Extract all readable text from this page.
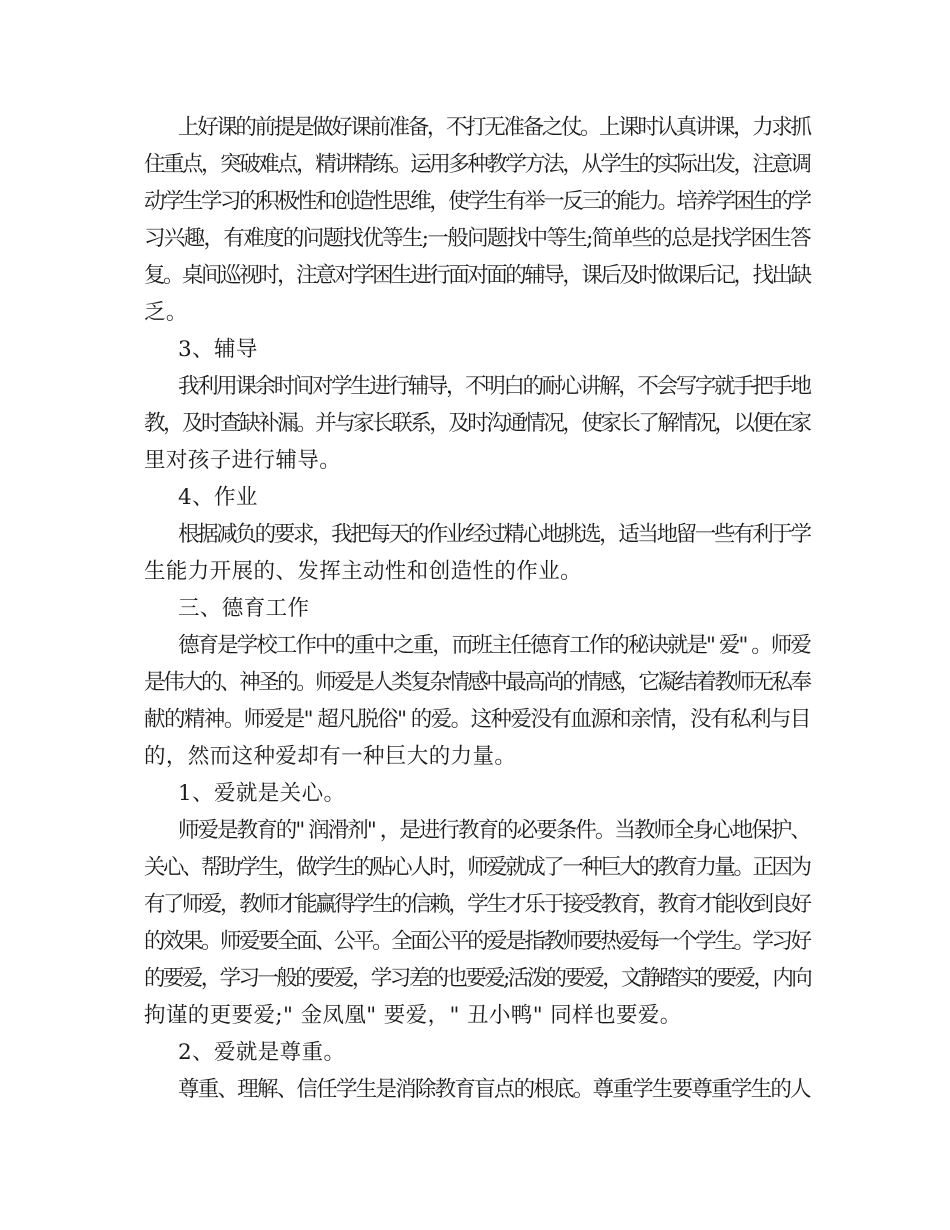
上好课的前提是做好课前准备，不打无准备之仗。上课时认真讲课，力求抓
住重点，突破难点，精讲精练。运用多种教学方法，从学生的实际出发，注意调
动学生学习的积极性和创造性思维，使学生有举一反三的能力。培养学困生的学
习兴趣，有难度的问题找优等生;一般问题找中等生;简单些的总是找学困生答
复。桌间巡视时，注意对学困生进行面对面的辅导，课后及时做课后记，找出缺
乏。
3、辅导
我利用课余时间对学生进行辅导，不明白的耐心讲解，不会写字就手把手地
教，及时查缺补漏。并与家长联系，及时沟通情况，使家长了解情况，以便在家
里对孩子进行辅导。
4、作业
根据减负的要求，我把每天的作业经过精心地挑选，适当地留一些有利于学
生能力开展的、发挥主动性和创造性的作业。
三、德育工作
德育是学校工作中的重中之重，而班主任德育工作的秘诀就是" 爱" 。师爱
是伟大的、神圣的。师爱是人类复杂情感中最高尚的情感，它凝结着教师无私奉
献的精神。师爱是" 超凡脱俗" 的爱。这种爱没有血源和亲情，没有私利与目
的，然而这种爱却有一种巨大的力量。
1、爱就是关心。
师爱是教育的" 润滑剂" ，是进行教育的必要条件。当教师全身心地保护、
关心、帮助学生，做学生的贴心人时，师爱就成了一种巨大的教育力量。正因为
有了师爱，教师才能赢得学生的信赖，学生才乐于接受教育，教育才能收到良好
的效果。师爱要全面、公平。全面公平的爱是指教师要热爱每一个学生。学习好
的要爱，学习一般的要爱，学习差的也要爱;活泼的要爱，文静踏实的要爱，内向
拘谨的更要爱;" 金凤凰" 要爱，" 丑小鸭" 同样也要爱。
2、爱就是尊重。
尊重、理解、信任学生是消除教育盲点的根底。尊重学生要尊重学生的人
